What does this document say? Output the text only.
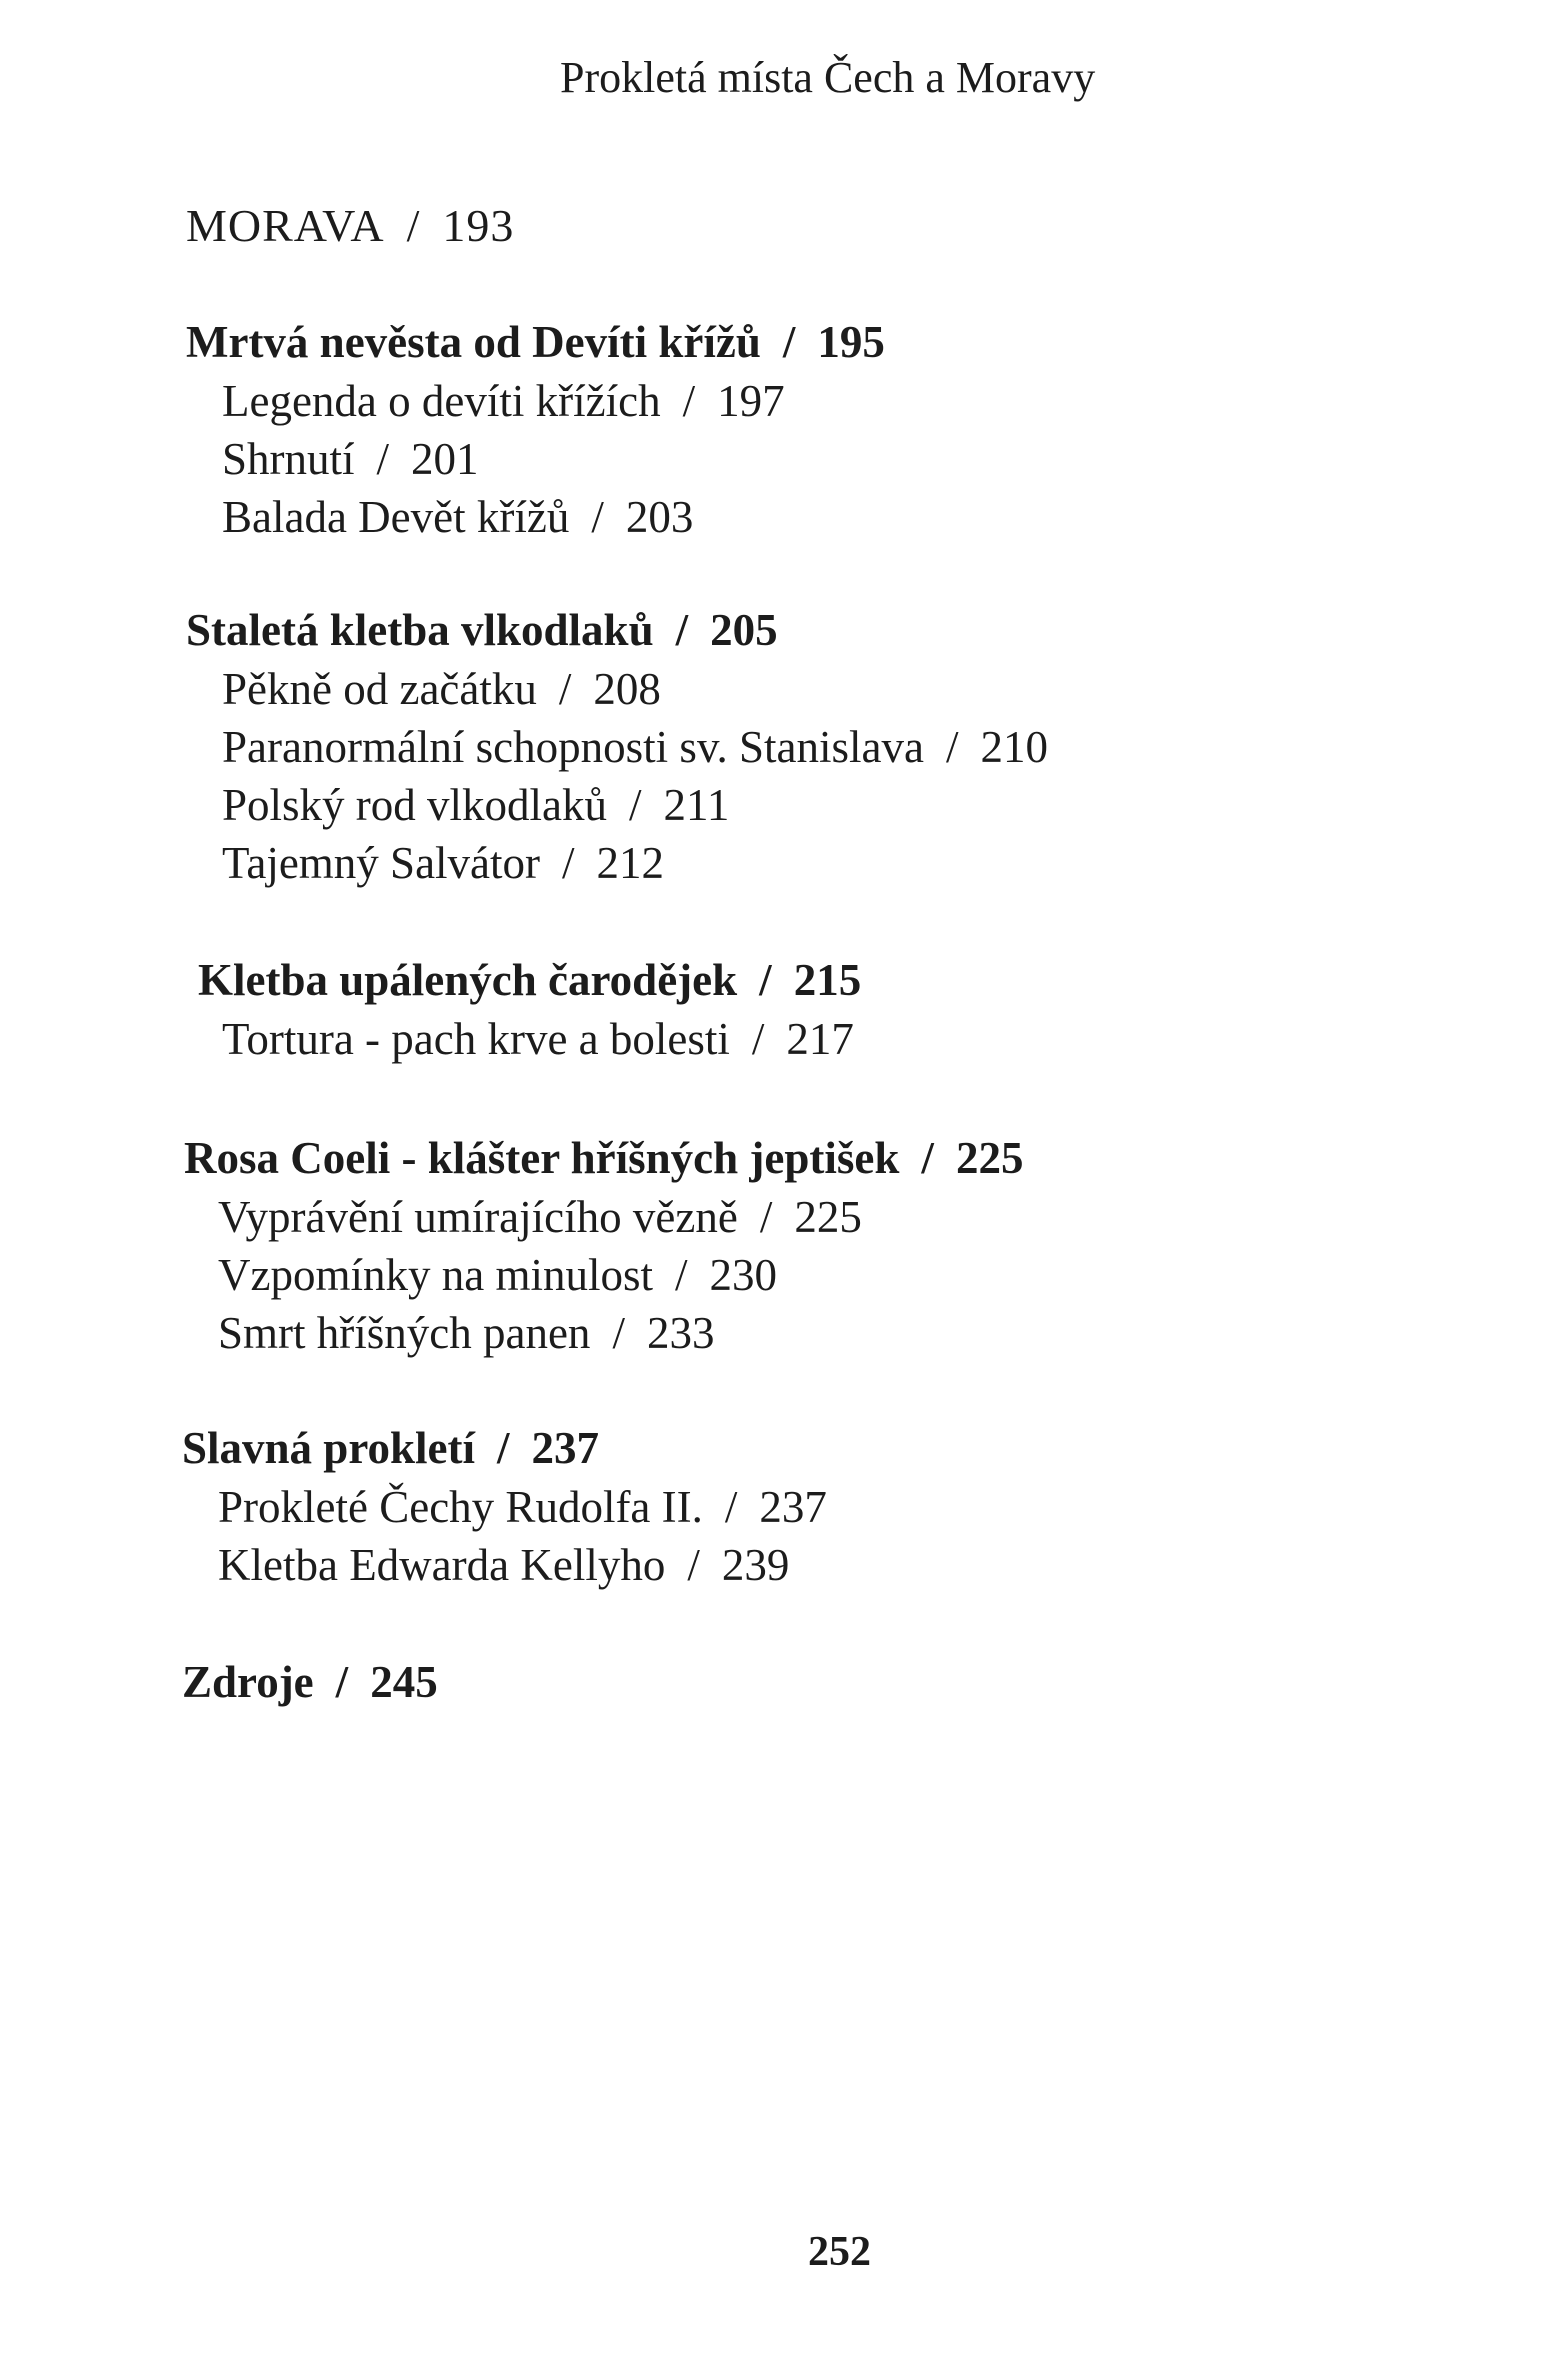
Prokletá místa Čech a Moravy
MORAVA / 193
Mrtvá nevěsta od Devíti křížů / 195
Legenda o devíti křížích / 197
Shrnutí / 201
Balada Devět křížů / 203
Staletá kletba vlkodlaků / 205
Pěkně od začátku / 208
Paranormální schopnosti sv. Stanislava / 210
Polský rod vlkodlaků / 211
Tajemný Salvátor / 212
Kletba upálených čarodějek / 215
Tortura - pach krve a bolesti / 217
Rosa Coeli - klášter hříšných jeptišek / 225
Vyprávění umírajícího vězně / 225
Vzpomínky na minulost / 230
Smrt hříšných panen / 233
Slavná prokletí / 237
Prokleté Čechy Rudolfa II. / 237
Kletba Edwarda Kellyho / 239
Zdroje / 245
252
